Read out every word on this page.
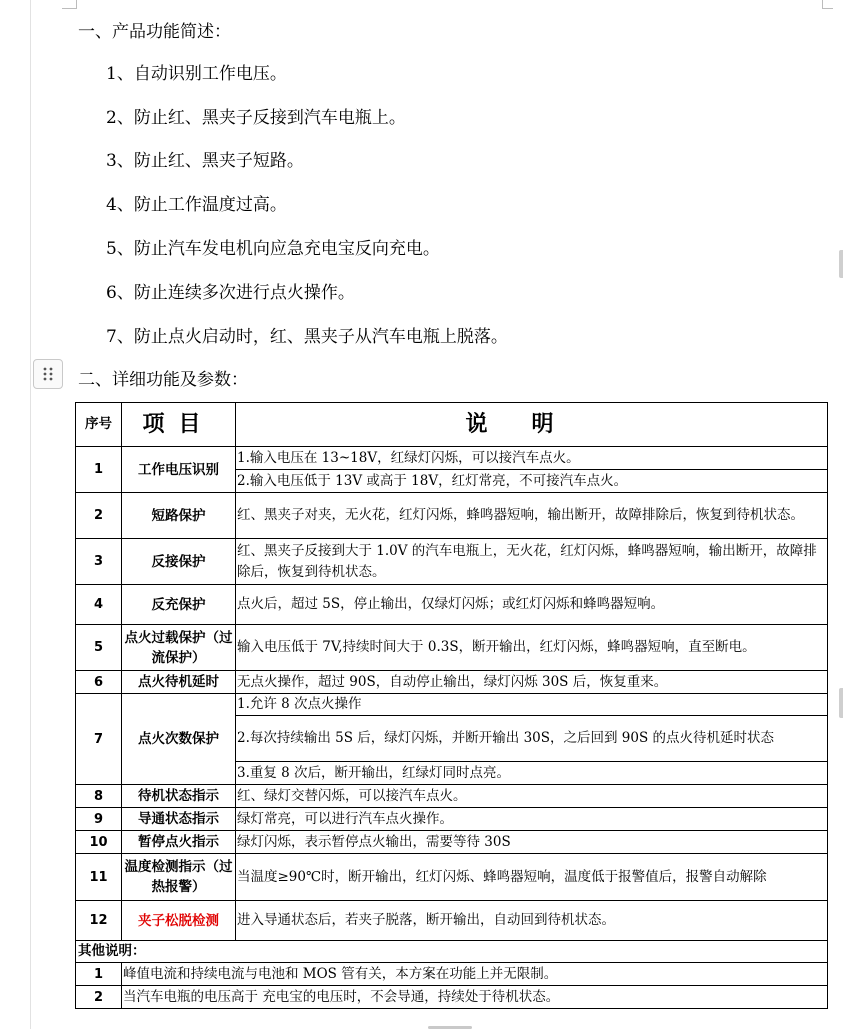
一、产品功能简述：
1、自动识别工作电压。
2、防止红、黑夹子反接到汽车电瓶上。
3、防止红、黑夹子短路。
4、防止工作温度过高。
5、防止汽车发电机向应急充电宝反向充电。
6、防止连续多次进行点火操作。
7、防止点火启动时，红、黑夹子从汽车电瓶上脱落。
二、详细功能及参数：
序号	项目	说明
1	工作电压识别	1.输入电压在 13~18V，红绿灯闪烁，可以接汽车点火。
		2.输入电压低于 13V 或高于 18V，红灯常亮，不可接汽车点火。
2	短路保护	红、黑夹子对夹，无火花，红灯闪烁，蜂鸣器短响，输出断开，故障排除后，恢复到待机状态。
3	反接保护	红、黑夹子反接到大于 1.0V 的汽车电瓶上，无火花，红灯闪烁，蜂鸣器短响，输出断开，故障排除后，恢复到待机状态。
4	反充保护	点火后，超过 5S，停止输出，仅绿灯闪烁；或红灯闪烁和蜂鸣器短响。
5	点火过载保护（过流保护）	输入电压低于 7V,持续时间大于 0.3S，断开输出，红灯闪烁，蜂鸣器短响，直至断电。
6	点火待机延时	无点火操作，超过 90S，自动停止输出，绿灯闪烁 30S 后，恢复重来。
7	点火次数保护	1.允许 8 次点火操作
		2.每次持续输出 5S 后，绿灯闪烁，并断开输出 30S，之后回到 90S 的点火待机延时状态
		3.重复 8 次后，断开输出，红绿灯同时点亮。
8	待机状态指示	红、绿灯交替闪烁，可以接汽车点火。
9	导通状态指示	绿灯常亮，可以进行汽车点火操作。
10	暂停点火指示	绿灯闪烁，表示暂停点火输出，需要等待 30S
11	温度检测指示（过热报警）	当温度≥90℃时，断开输出，红灯闪烁、蜂鸣器短响，温度低于报警值后，报警自动解除
12	夹子松脱检测	进入导通状态后，若夹子脱落，断开输出，自动回到待机状态。
其他说明：		
1	峰值电流和持续电流与电池和 MOS 管有关，本方案在功能上并无限制。	
2	当汽车电瓶的电压高于 充电宝的电压时，不会导通，持续处于待机状态。	
